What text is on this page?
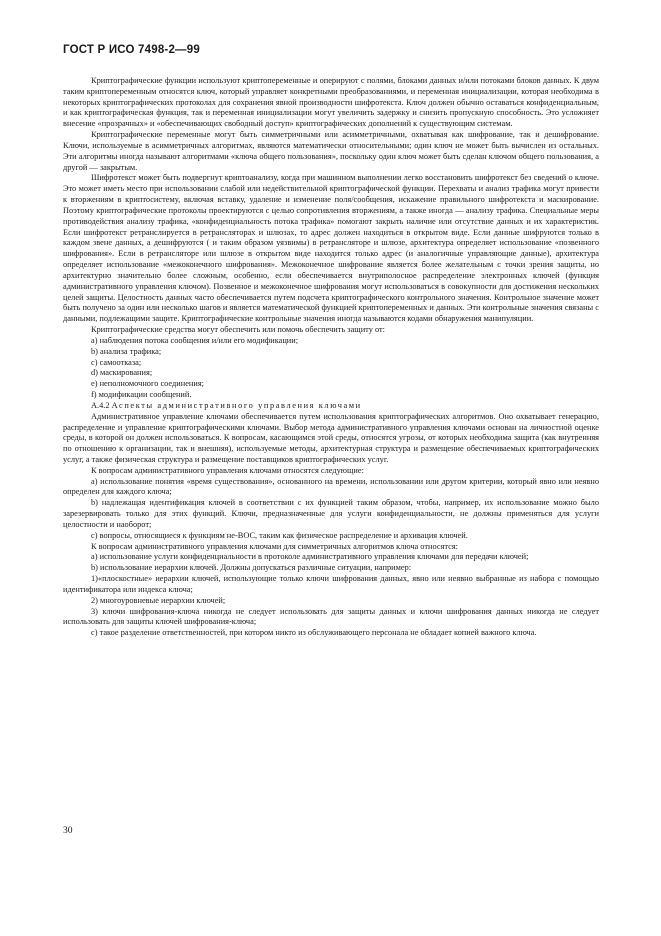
ГОСТ Р ИСО 7498-2—99

Криптографические функции используют криптопеременные и оперируют с полями, блоками данных и/или потоками блоков данных. К двум таким криптопеременным относятся ключ, который управляет конкретными преобразованиями, и переменная инициализации, которая необходима в некоторых криптографических протоколах для сохранения явной производности шифротекста. Ключ должен обычно оставаться конфиденциальным, и как криптографическая функция, так и переменная инициализации могут увеличить задержку и снизить пропускную способность. Это усложняет внесение «прозрачных» и «обеспечивающих свободный доступ» криптографических дополнений к существующим системам.

Криптографические переменные могут быть симметричными или асимметричными, охватывая как шифрование, так и дешифрование. Ключи, используемые в асимметричных алгоритмах, являются математически относительными; один ключ не может быть вычислен из остальных. Эти алгоритмы иногда называют алгоритмами «ключа общего пользования», поскольку один ключ может быть сделан ключом общего пользования, а другой — закрытым.

Шифротекст может быть подвергнут криптоанализу, когда при машинном выполнении легко восстановить шифротекст без сведений о ключе. Это может иметь место при использовании слабой или недействительной криптографической функции. Перехваты и анализ трафика могут привести к вторжениям в криптосистему, включая вставку, удаление и изменение поля/сообщения, искажение правильного шифротекста и маскирование. Поэтому криптографические протоколы проектируются с целью сопротивления вторжениям, а также иногда — анализу трафика. Специальные меры противодействия анализу трафика, «конфиденциальность потока трафика» помогают закрыть наличие или отсутствие данных и их характеристик. Если шифротекст ретранслируется в ретрансляторах и шлюзах, то адрес должен находиться в открытом виде. Если данные шифруются только в каждом звене данных, а дешифруются ( и таким образом уязвимы) в ретрансляторе и шлюзе, архитектура определяет использование «позвенного шифрования». Если в ретрансляторе или шлюзе в открытом виде находится только адрес (и аналогичные управляющие данные), архитектура определяет использование «межоконечного шифрования». Межоконечное шифрование является более желательным с точки зрения защиты, но архитектурно значительно более сложным, особенно, если обеспечивается внутриполосное распределение электронных ключей (функция административного управления ключом). Позвенное и межоконечное шифрования могут использоваться в совокупности для достижения нескольких целей защиты. Целостность данных часто обеспечивается путем подсчета криптографического контрольного значения. Контрольное значение может быть получено за один или несколько шагов и является математической функцией криптопеременных и данных. Эти контрольные значения связаны с данными, подлежащими защите. Криптографические контрольные значения иногда называются кодами обнаружения манипуляции.

Криптографические средства могут обеспечить или помочь обеспечить защиту от:

a) наблюдения потока сообщения и/или его модификации;

b) анализа трафика;

c) самоотказа;

d) маскирования;

e) неполномочного соединения;

f) модификации сообщений.

А.4.2 Аспекты административного управления ключами

Административное управление ключами обеспечивается путем использования криптографических алгоритмов. Оно охватывает генерацию, распределение и управление криптографическими ключами. Выбор метода административного управления ключами основан на личностной оценке среды, в которой он должен использоваться. К вопросам, касающимся этой среды, относятся угрозы, от которых необходима защита (как внутренняя по отношению к организации, так и внешняя), используемые методы, архитектурная структура и размещение обеспечиваемых криптографических услуг, а также физическая структура и размещение поставщиков криптографических услуг.

К вопросам административного управления ключами относятся следующие:

a) использование понятия «время существования», основанного на времени, использовании или другом критерии, который явно или неявно определен для каждого ключа;

b) надлежащая идентификация ключей в соответствии с их функцией таким образом, чтобы, например, их использование можно было зарезервировать только для этих функций. Ключи, предназначенные для услуги конфиденциальности, не должны применяться для услуги целостности и наоборот;

c) вопросы, относящиеся к функциям не-ВОС, таким как физическое распределение и архивация ключей.

К вопросам административного управления ключами для симметричных алгоритмов ключа относятся:

a) использование услуги конфиденциальности в протоколе административного управления ключами для передачи ключей;

b) использование иерархии ключей. Должны допускаться различные ситуации, например:

1)«плоскостные» иерархии ключей, использующие только ключи шифрования данных, явно или неявно выбранные из набора с помощью идентификатора или индекса ключа;

2) многоуровневые иерархии ключей;

3) ключи шифрования-ключа никогда не следует использовать для защиты данных и ключи шифрования данных никогда не следует использовать для защиты ключей шифрования-ключа;

c) такое разделение ответственностей, при котором никто из обслуживающего персонала не обладает копией важного ключа.

30
